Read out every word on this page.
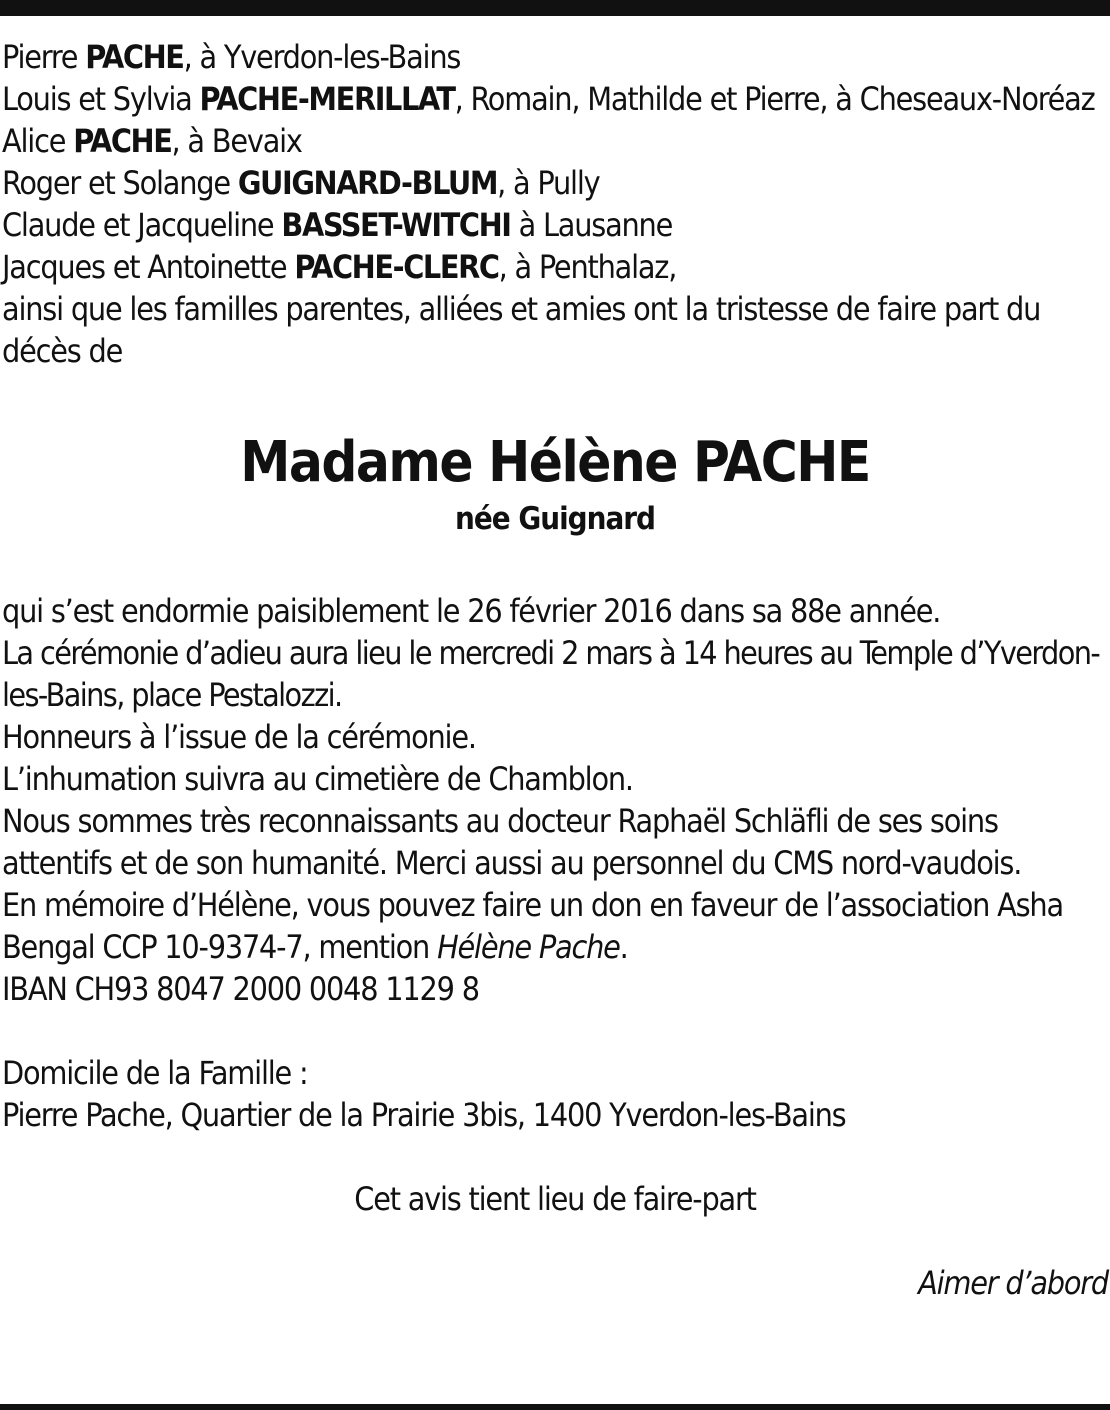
Pierre PACHE, à Yverdon-les-Bains
Louis et Sylvia PACHE-MERILLAT, Romain, Mathilde et Pierre, à Cheseaux-Noréaz
Alice PACHE, à Bevaix
Roger et Solange GUIGNARD-BLUM, à Pully
Claude et Jacqueline BASSET-WITCHI à Lausanne
Jacques et Antoinette PACHE-CLERC, à Penthalaz,
ainsi que les familles parentes, alliées et amies ont la tristesse de faire part du décès de
Madame Hélène PACHE
née Guignard
qui s’est endormie paisiblement le 26 février 2016 dans sa 88e année.
La cérémonie d’adieu aura lieu le mercredi 2 mars à 14 heures au Temple d’Yverdon-les-Bains, place Pestalozzi.
Honneurs à l’issue de la cérémonie.
L’inhumation suivra au cimetière de Chamblon.
Nous sommes très reconnaissants au docteur Raphaël Schläfli de ses soins attentifs et de son humanité. Merci aussi au personnel du CMS nord-vaudois.
En mémoire d’Hélène, vous pouvez faire un don en faveur de l’association Asha Bengal CCP 10-9374-7, mention Hélène Pache.
IBAN CH93 8047 2000 0048 1129 8
Domicile de la Famille :
Pierre Pache, Quartier de la Prairie 3bis, 1400 Yverdon-les-Bains
Cet avis tient lieu de faire-part
Aimer d’abord
